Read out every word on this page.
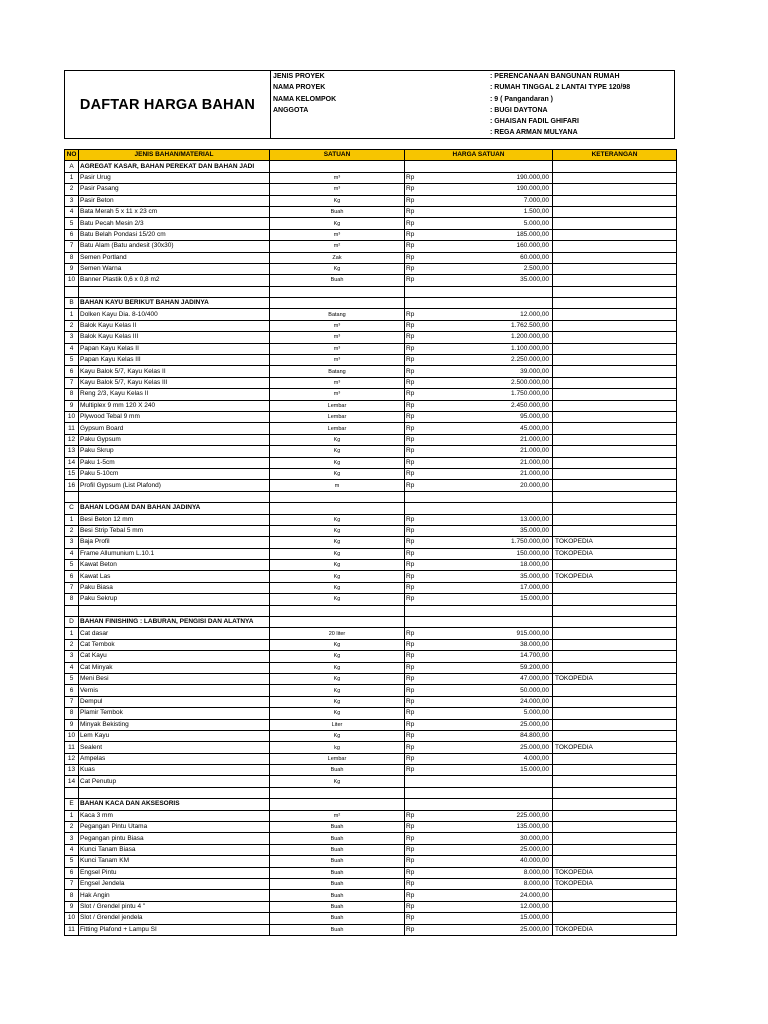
DAFTAR HARGA BAHAN
JENIS PROYEK	: PERENCANAAN BANGUNAN RUMAH
NAMA PROYEK	: RUMAH TINGGAL 2 LANTAI TYPE 120/98
NAMA KELOMPOK	: 9 ( Pangandaran )
ANGGOTA	: BUGI DAYTONA
: GHAISAN FADIL GHIFARI
: REGA ARMAN MULYANA
NO	JENIS BAHAN/MATERIAL	SATUAN	HARGA SATUAN		KETERANGAN
A	AGREGAT KASAR, BAHAN PEREKAT DAN BAHAN JADI				
1	Pasir Urug	m³	Rp	190.000,00	
2	Pasir Pasang	m³	Rp	190.000,00	
3	Pasir Beton	Kg	Rp	7.000,00	
4	Bata Merah 5 x 11 x 23 cm	Buah	Rp	1.500,00	
5	Batu Pecah Mesin 2/3	Kg	Rp	5.000,00	
6	Batu Belah Pondasi 15/20 cm	m³	Rp	185.000,00	
7	Batu Alam (Batu andesit (30x30)	m²	Rp	160.000,00	
8	Semen Portland	Zak	Rp	60.000,00	
9	Semen Warna	Kg	Rp	2.500,00	
10	Banner Plastik 0,6 x 0,8 m2	Buah	Rp	35.000,00	

B	BAHAN KAYU BERIKUT BAHAN JADINYA				
1	Dolken Kayu Dia. 8-10/400	Batang	Rp	12.000,00	
2	Balok Kayu Kelas II	m³	Rp	1.762.500,00	
3	Balok Kayu Kelas III	m³	Rp	1.200.000,00	
4	Papan Kayu Kelas II	m³	Rp	1.100.000,00	
5	Papan Kayu Kelas III	m³	Rp	2.250.000,00	
6	Kayu Balok 5/7, Kayu Kelas II	Batang	Rp	39.000,00	
7	Kayu Balok 5/7, Kayu Kelas III	m³	Rp	2.500.000,00	
8	Reng 2/3, Kayu Kelas II	m³	Rp	1.750.000,00	
9	Multiplex 9 mm 120 X 240	Lembar	Rp	2.450.000,00	
10	Plywood Tebal 9 mm	Lembar	Rp	95.000,00	
11	Gypsum Board	Lembar	Rp	45.000,00	
12	Paku Gypsum	Kg	Rp	21.000,00	
13	Paku Skrup	Kg	Rp	21.000,00	
14	Paku 1-5cm	Kg	Rp	21.000,00	
15	Paku 5-10cm	Kg	Rp	21.000,00	
16	Profil Gypsum (List Plafond)	m	Rp	20.000,00	

C	BAHAN LOGAM DAN BAHAN JADINYA				
1	Besi Beton 12 mm	Kg	Rp	13.000,00	
2	Besi Strip Tebal 5 mm	Kg	Rp	35.000,00	
3	Baja Profil	Kg	Rp	1.750.000,00	TOKOPEDIA
4	Frame Allumunium L.10.1	Kg	Rp	150.000,00	TOKOPEDIA
5	Kawat Beton	Kg	Rp	18.000,00	
6	Kawat Las	Kg	Rp	35.000,00	TOKOPEDIA
7	Paku Biasa	Kg	Rp	17.000,00	
8	Paku Sekrup	Kg	Rp	15.000,00	

D	BAHAN FINISHING : LABURAN, PENGISI DAN ALATNYA				
1	Cat dasar	20 liter	Rp	915.000,00	
2	Cat Tembok	Kg	Rp	38.000,00	
3	Cat Kayu	Kg	Rp	14.700,00	
4	Cat Minyak	Kg	Rp	59.200,00	
5	Meni Besi	Kg	Rp	47.000,00	TOKOPEDIA
6	Vernis	Kg	Rp	50.000,00	
7	Dempul	Kg	Rp	24.000,00	
8	Plamir Tembok	Kg	Rp	5.000,00	
9	Minyak Bekisting	Liter	Rp	25.000,00	
10	Lem Kayu	Kg	Rp	84.800,00	
11	Sealent	kg	Rp	25.000,00	TOKOPEDIA
12	Ampelas	Lembar	Rp	4.000,00	
13	Kuas	Buah	Rp	15.000,00	
14	Cat Penutup	Kg			

E	BAHAN KACA DAN AKSESORIS				
1	Kaca 3 mm	m²	Rp	225.000,00	
2	Pegangan Pintu Utama	Buah	Rp	135.000,00	
3	Pegangan pintu Biasa	Buah	Rp	30.000,00	
4	Kunci Tanam Biasa	Buah	Rp	25.000,00	
5	Kunci Tanam KM	Buah	Rp	40.000,00	
6	Engsel Pintu	Buah	Rp	8.000,00	TOKOPEDIA
7	Engsel Jendela	Buah	Rp	8.000,00	TOKOPEDIA
8	Hak Angin	Buah	Rp	24.000,00	
9	Slot / Grendel pintu 4 "	Buah	Rp	12.000,00	
10	Slot / Grendel jendela	Buah	Rp	15.000,00	
11	Fitting Plafond + Lampu SI	Buah	Rp	25.000,00	TOKOPEDIA
